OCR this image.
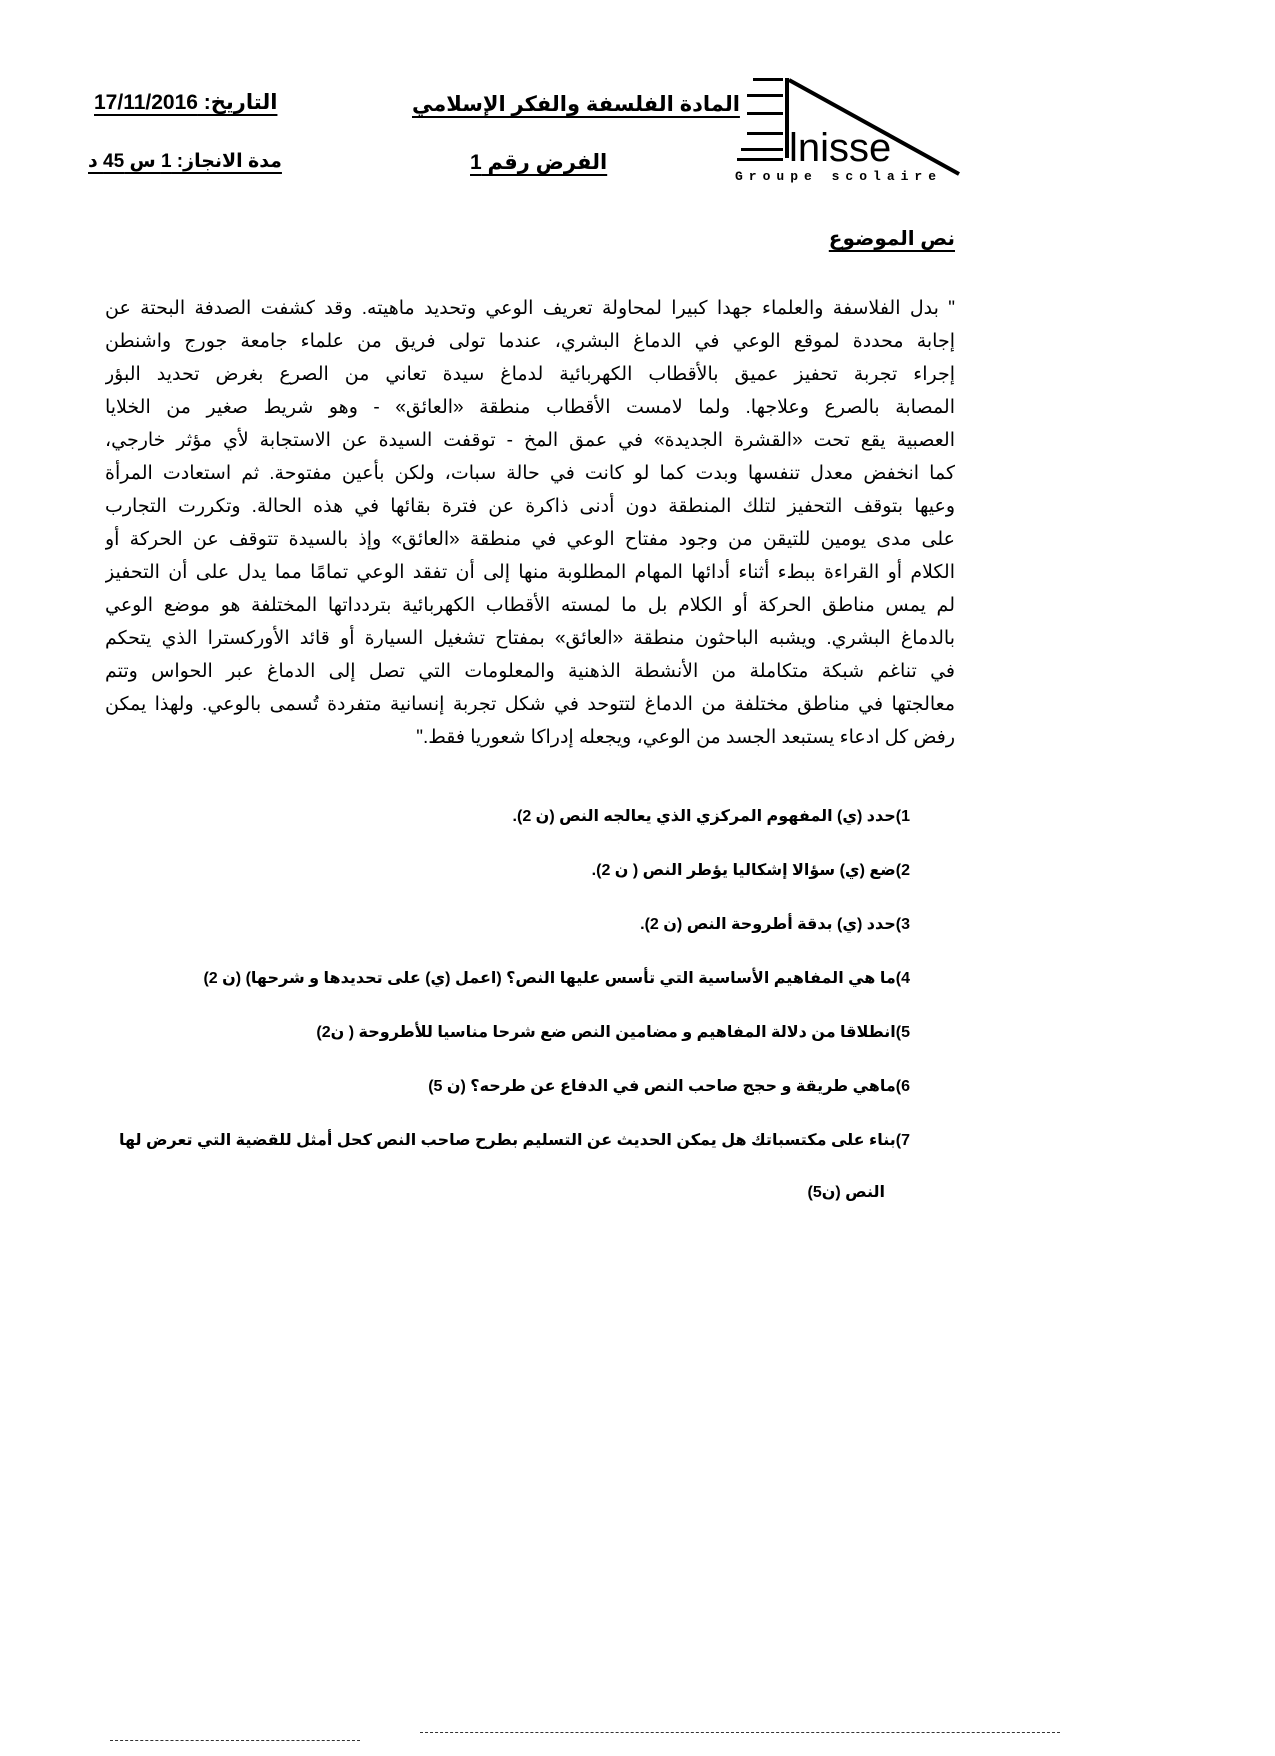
lnisse
Groupe scolaire
التاريخ: 17/11/2016
مدة الانجاز: 1 س 45 د
المادة الفلسفة والفكر الإسلامي
الفرض رقم 1
نص الموضوع
" بدل الفلاسفة والعلماء جهدا كبيرا لمحاولة تعريف الوعي وتحديد ماهيته. وقد كشفت الصدفة البحتة عن
إجابة محددة لموقع الوعي في الدماغ البشري، عندما تولى فريق من علماء جامعة جورج واشنطن
إجراء تجربة تحفيز عميق بالأقطاب الكهربائية لدماغ سيدة تعاني من الصرع بغرض تحديد البؤر
المصابة بالصرع وعلاجها. ولما لامست الأقطاب منطقة «العائق» - وهو شريط صغير من الخلايا
العصبية يقع تحت «القشرة الجديدة» في عمق المخ - توقفت السيدة عن الاستجابة لأي مؤثر خارجي،
كما انخفض معدل تنفسها وبدت كما لو كانت في حالة سبات، ولكن بأعين مفتوحة. ثم استعادت المرأة
وعيها بتوقف التحفيز لتلك المنطقة دون أدنى ذاكرة عن فترة بقائها في هذه الحالة. وتكررت التجارب
على مدى يومين للتيقن من وجود مفتاح الوعي في منطقة «العائق» وإذ بالسيدة تتوقف عن الحركة أو
الكلام أو القراءة ببطء أثناء أدائها المهام المطلوبة منها إلى أن تفقد الوعي تمامًا مما يدل على أن التحفيز
لم يمس مناطق الحركة أو الكلام بل ما لمسته الأقطاب الكهربائية بتردداتها المختلفة هو موضع الوعي
بالدماغ البشري. ويشبه الباحثون منطقة «العائق» بمفتاح تشغيل السيارة أو قائد الأوركسترا الذي يتحكم
في تناغم شبكة متكاملة من الأنشطة الذهنية والمعلومات التي تصل إلى الدماغ عبر الحواس وتتم
معالجتها في مناطق مختلفة من الدماغ لتتوحد في شكل تجربة إنسانية متفردة تُسمى بالوعي. ولهذا يمكن
رفض كل ادعاء يستبعد الجسد من الوعي، ويجعله إدراكا شعوريا فقط."
1)حدد (ي) المفهوم المركزي الذي يعالجه النص (ن 2).
2)ضع (ي) سؤالا إشكاليا يؤطر النص ( ن 2).
3)حدد (ي) بدقة أطروحة النص (ن 2).
4)ما هي المفاهيم الأساسية التي تأسس عليها النص؟ (اعمل (ي) على تحديدها و شرحها) (ن 2)
5)انطلاقا من دلالة المفاهيم و مضامين النص ضع شرحا مناسيا للأطروحة ( ن2)
6)ماهي طريقة و حجج صاحب النص في الدفاع عن طرحه؟ (ن 5)
7)بناء على مكتسباتك هل يمكن الحديث عن التسليم بطرح صاحب النص كحل أمثل للقضية التي تعرض لها
النص (ن5)
